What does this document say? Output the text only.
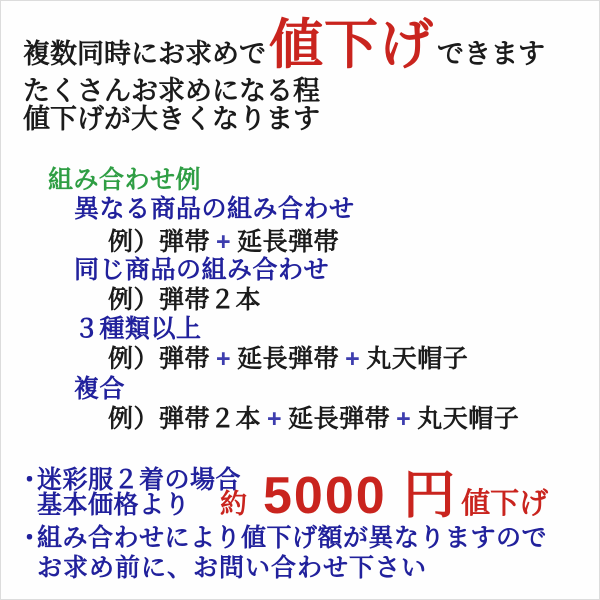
複数同時にお求めで 値下げ できます
たくさんお求めになる程
値下げが大きくなります
組み合わせ例
異なる商品の組み合わせ
例）弾帯 + 延長弾帯
同じ商品の組み合わせ
例）弾帯２本
３種類以上
例）弾帯 + 延長弾帯 + 丸天帽子
複合
例）弾帯２本 + 延長弾帯 + 丸天帽子
・
迷彩服２着の場合
基本価格より 約 5000 円 値下げ
・
組み合わせにより値下げ額が異なりますので
お求め前に、お問い合わせ下さい
